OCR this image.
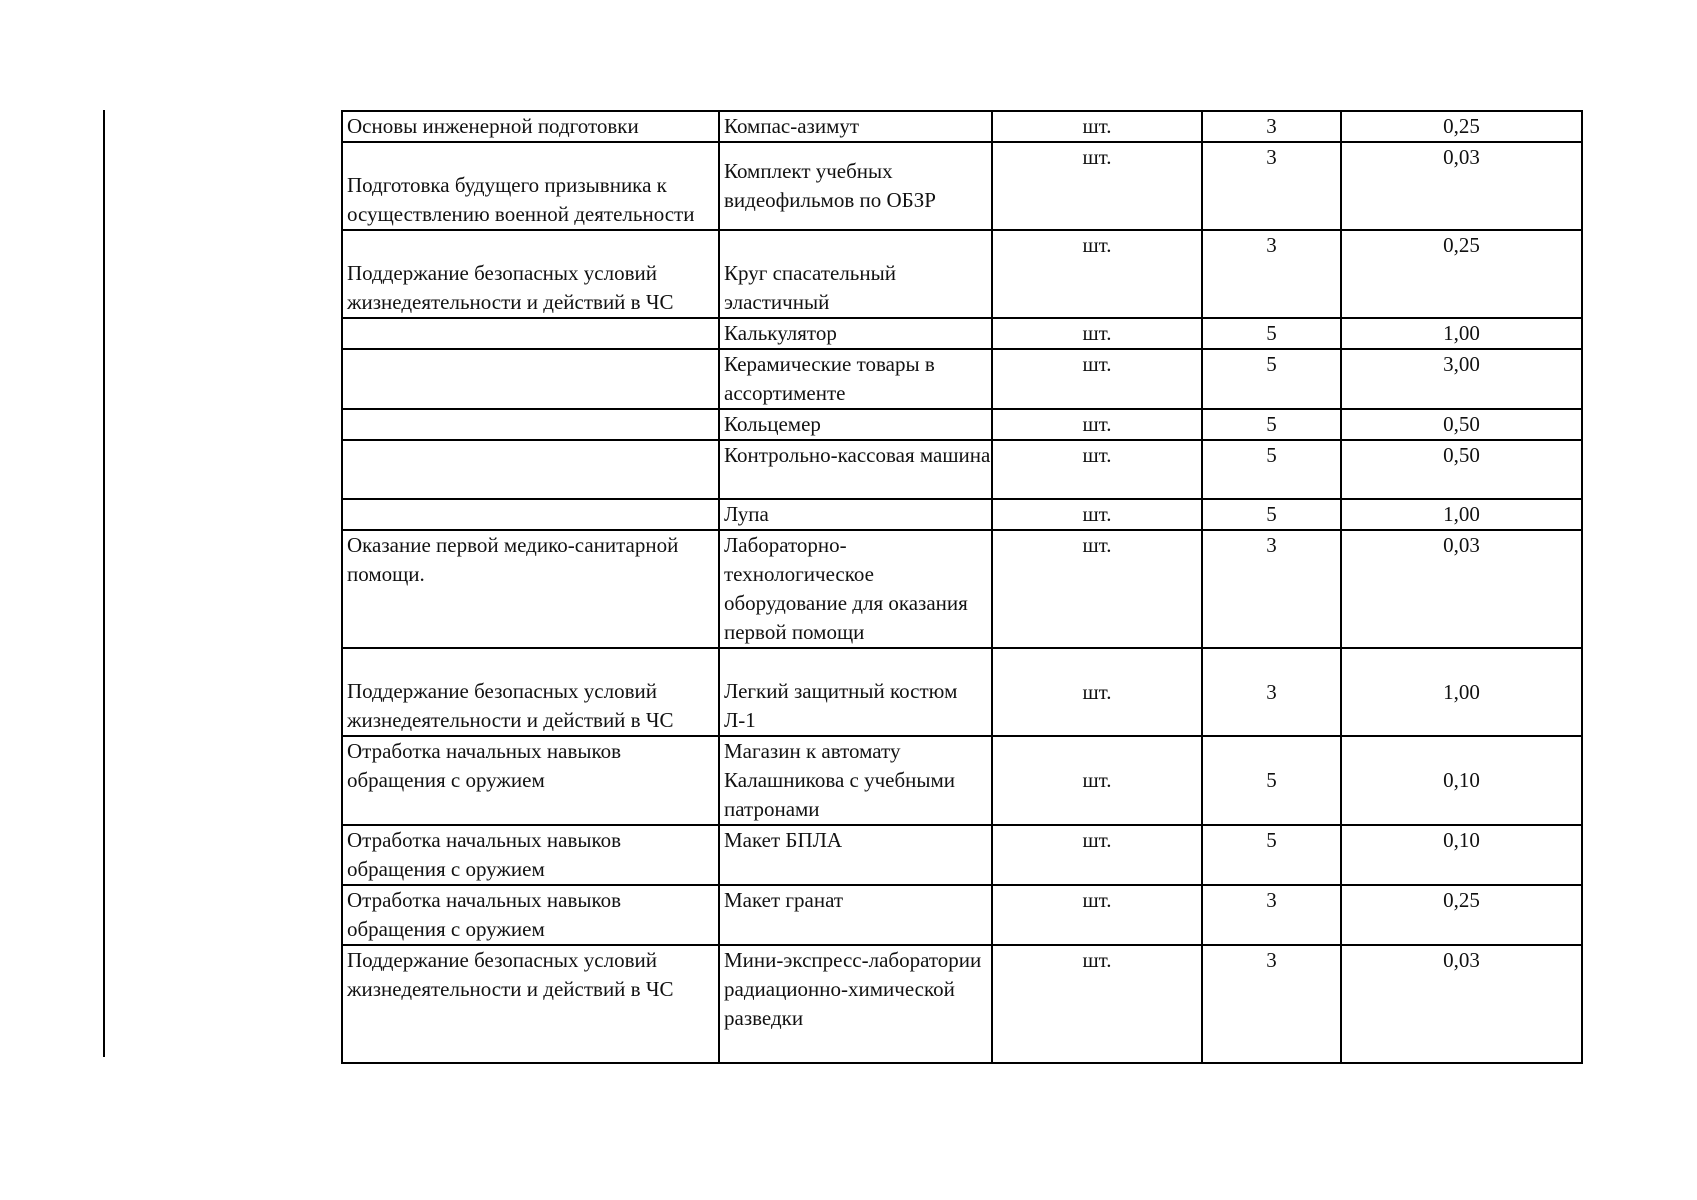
Основы инженерной подготовки	Компас-азимут	шт.	3	0,25
Подготовка будущего призывника к осуществлению военной деятельности	Комплект учебных видеофильмов по ОБЗР	шт.	3	0,03

Поддержание безопасных условий жизнедеятельности и действий в ЧС	Круг спасательный эластичный	шт.	3	0,25
	Калькулятор	шт.	5	1,00
	Керамические товары в ассортименте	шт.	5	3,00
	Кольцемер	шт.	5	0,50
	Контрольно-кассовая машина	шт.	5	0,50
	Лупа	шт.	5	1,00
Оказание первой медико-санитарной помощи.	Лабораторно-технологическое оборудование для оказания первой помощи	шт.	3	0,03

Поддержание безопасных условий жизнедеятельности и действий в ЧС	Легкий защитный костюм Л-1	шт.	3	1,00
Отработка начальных навыков обращения с оружием	Магазин к автомату Калашникова с учебными патронами	шт.	5	0,10
Отработка начальных навыков обращения с оружием	Макет БПЛА	шт.	5	0,10
Отработка начальных навыков обращения с оружием	Макет гранат	шт.	3	0,25
Поддержание безопасных условий жизнедеятельности и действий в ЧС	Мини-экспресс-лаборатории радиационно-химической разведки	шт.	3	0,03
